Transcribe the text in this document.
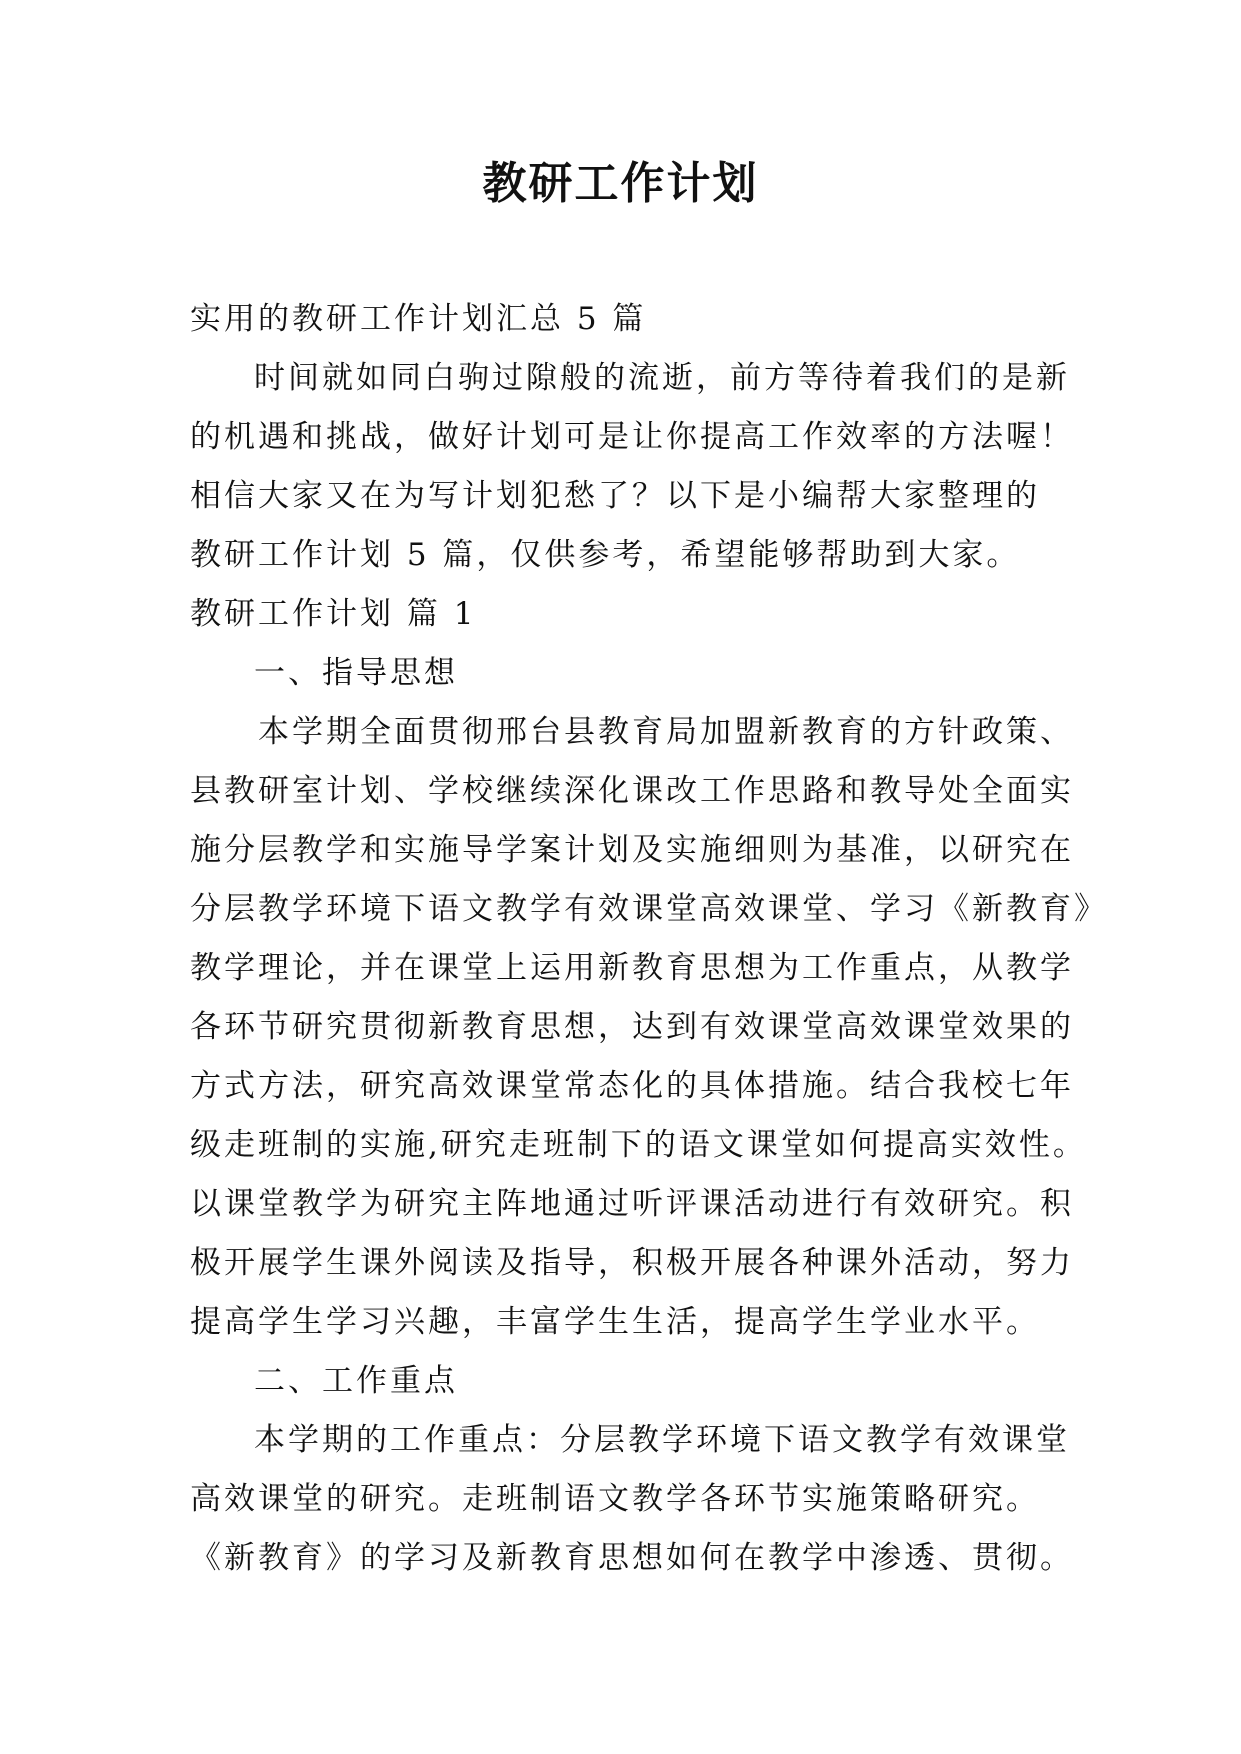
教研工作计划
实用的教研工作计划汇总 5 篇
时间就如同白驹过隙般的流逝，前方等待着我们的是新
的机遇和挑战，做好计划可是让你提高工作效率的方法喔！
相信大家又在为写计划犯愁了？以下是小编帮大家整理的
教研工作计划 5 篇，仅供参考，希望能够帮助到大家。
教研工作计划 篇 1
一、指导思想
本学期全面贯彻邢台县教育局加盟新教育的方针政策、
县教研室计划、学校继续深化课改工作思路和教导处全面实
施分层教学和实施导学案计划及实施细则为基准，以研究在
分层教学环境下语文教学有效课堂高效课堂、学习《新教育》
教学理论，并在课堂上运用新教育思想为工作重点，从教学
各环节研究贯彻新教育思想，达到有效课堂高效课堂效果的
方式方法，研究高效课堂常态化的具体措施。结合我校七年
级走班制的实施,研究走班制下的语文课堂如何提高实效性。
以课堂教学为研究主阵地通过听评课活动进行有效研究。积
极开展学生课外阅读及指导，积极开展各种课外活动，努力
提高学生学习兴趣，丰富学生生活，提高学生学业水平。
二、工作重点
本学期的工作重点：分层教学环境下语文教学有效课堂
高效课堂的研究。走班制语文教学各环节实施策略研究。
《新教育》的学习及新教育思想如何在教学中渗透、贯彻。
